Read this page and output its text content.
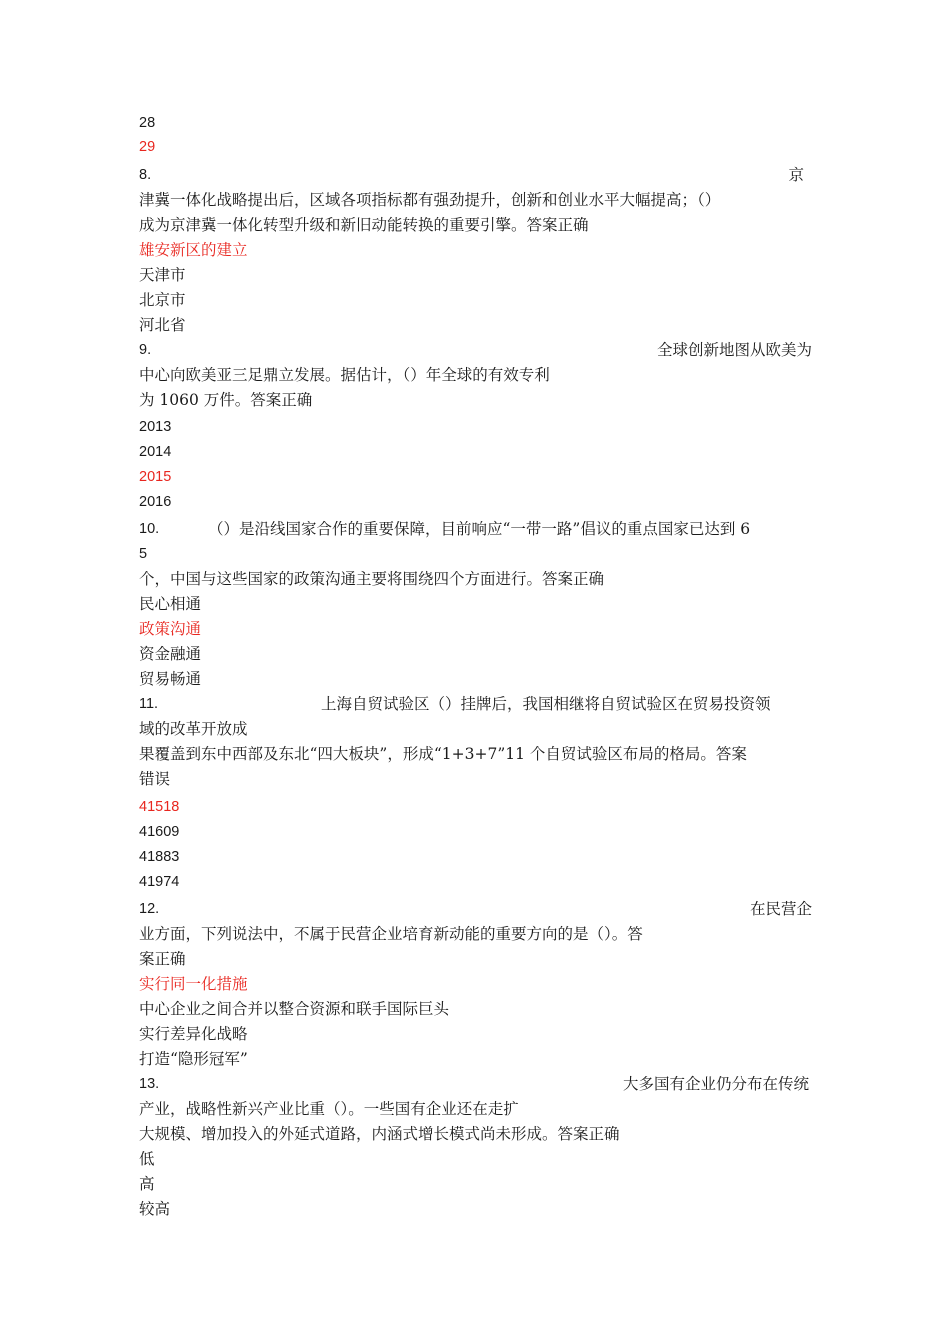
28
29
8.	京
津冀一体化战略提出后，区域各项指标都有强劲提升，创新和创业水平大幅提高；（）
成为京津冀一体化转型升级和新旧动能转换的重要引擎。答案正确
雄安新区的建立
天津市
北京市
河北省
9.	全球创新地图从欧美为
中心向欧美亚三足鼎立发展。据估计，（）年全球的有效专利
为 1060 万件。答案正确
2013
2014
2015
2016
10.	（）是沿线国家合作的重要保障，目前响应“一带一路”倡议的重点国家已达到 6
5
个，中国与这些国家的政策沟通主要将围绕四个方面进行。答案正确
民心相通
政策沟通
资金融通
贸易畅通
11.	上海自贸试验区（）挂牌后，我国相继将自贸试验区在贸易投资领
域的改革开放成
果覆盖到东中西部及东北“四大板块”，形成“1+3+7”11 个自贸试验区布局的格局。答案
错误
41518
41609
41883
41974
12.	在民营企
业方面，下列说法中，不属于民营企业培育新动能的重要方向的是（）。答
案正确
实行同一化措施
中心企业之间合并以整合资源和联手国际巨头
实行差异化战略
打造“隐形冠军”
13.	大多国有企业仍分布在传统
产业，战略性新兴产业比重（）。一些国有企业还在走扩
大规模、增加投入的外延式道路，内涵式增长模式尚未形成。答案正确
低
高
较高
